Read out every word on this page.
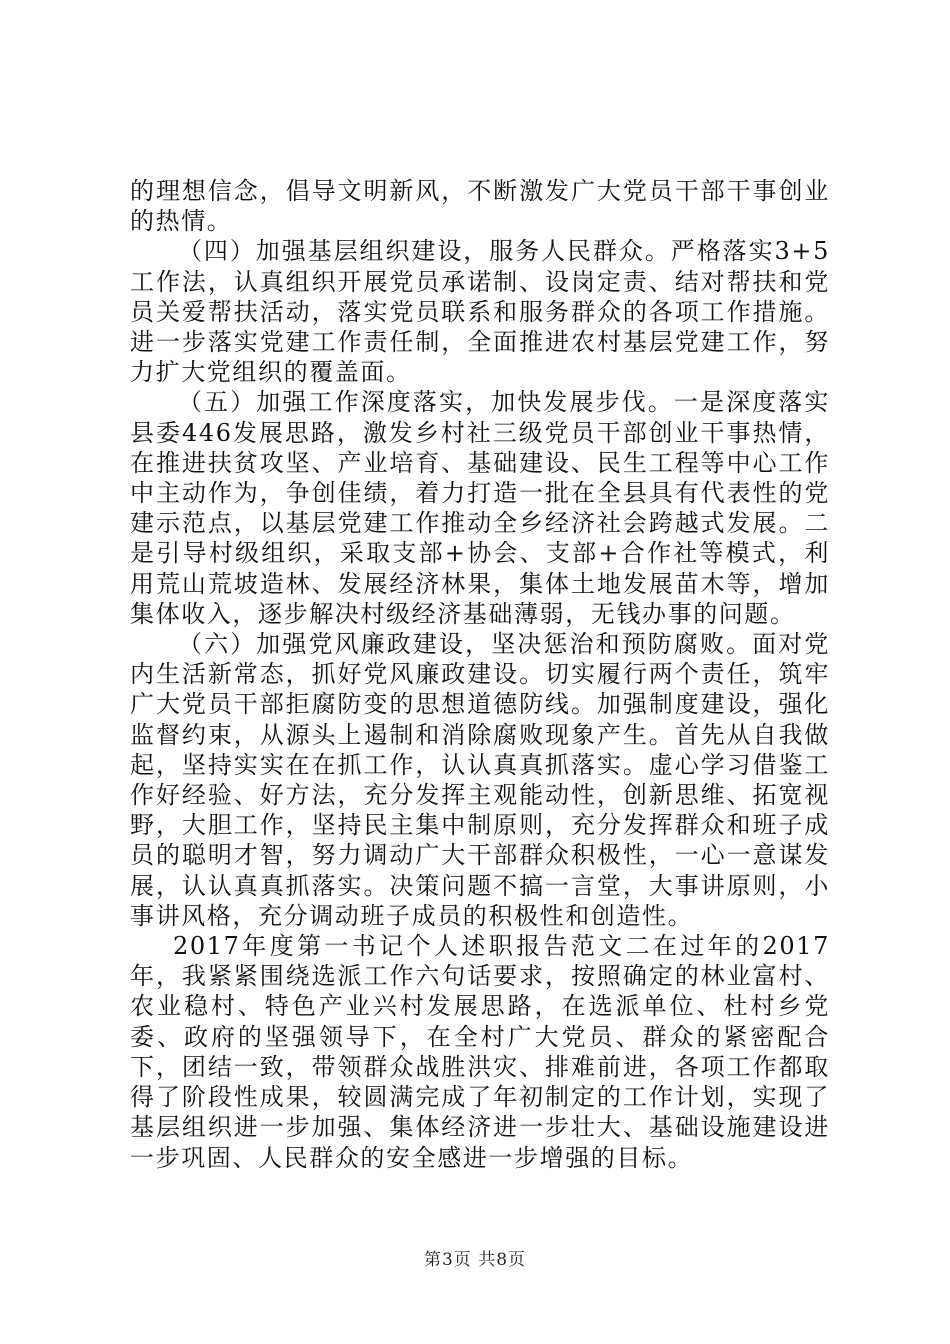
的理想信念，倡导文明新风，不断激发广大党员干部干事创业的热情。

（四）加强基层组织建设，服务人民群众。严格落实3+5工作法，认真组织开展党员承诺制、设岗定责、结对帮扶和党员关爱帮扶活动，落实党员联系和服务群众的各项工作措施。进一步落实党建工作责任制，全面推进农村基层党建工作，努力扩大党组织的覆盖面。

（五）加强工作深度落实，加快发展步伐。一是深度落实县委446发展思路，激发乡村社三级党员干部创业干事热情，在推进扶贫攻坚、产业培育、基础建设、民生工程等中心工作中主动作为，争创佳绩，着力打造一批在全县具有代表性的党建示范点，以基层党建工作推动全乡经济社会跨越式发展。二是引导村级组织，采取支部+协会、支部+合作社等模式，利用荒山荒坡造林、发展经济林果，集体土地发展苗木等，增加集体收入，逐步解决村级经济基础薄弱，无钱办事的问题。

（六）加强党风廉政建设，坚决惩治和预防腐败。面对党内生活新常态，抓好党风廉政建设。切实履行两个责任，筑牢广大党员干部拒腐防变的思想道德防线。加强制度建设，强化监督约束，从源头上遏制和消除腐败现象产生。首先从自我做起，坚持实实在在抓工作，认认真真抓落实。虚心学习借鉴工作好经验、好方法，充分发挥主观能动性，创新思维、拓宽视野，大胆工作，坚持民主集中制原则，充分发挥群众和班子成员的聪明才智，努力调动广大干部群众积极性，一心一意谋发展，认认真真抓落实。决策问题不搞一言堂，大事讲原则，小事讲风格，充分调动班子成员的积极性和创造性。

2017年度第一书记个人述职报告范文二在过年的2017年，我紧紧围绕选派工作六句话要求，按照确定的林业富村、农业稳村、特色产业兴村发展思路，在选派单位、杜村乡党委、政府的坚强领导下，在全村广大党员、群众的紧密配合下，团结一致，带领群众战胜洪灾、排难前进，各项工作都取得了阶段性成果，较圆满完成了年初制定的工作计划，实现了基层组织进一步加强、集体经济进一步壮大、基础设施建设进一步巩固、人民群众的安全感进一步增强的目标。

第3页 共8页
